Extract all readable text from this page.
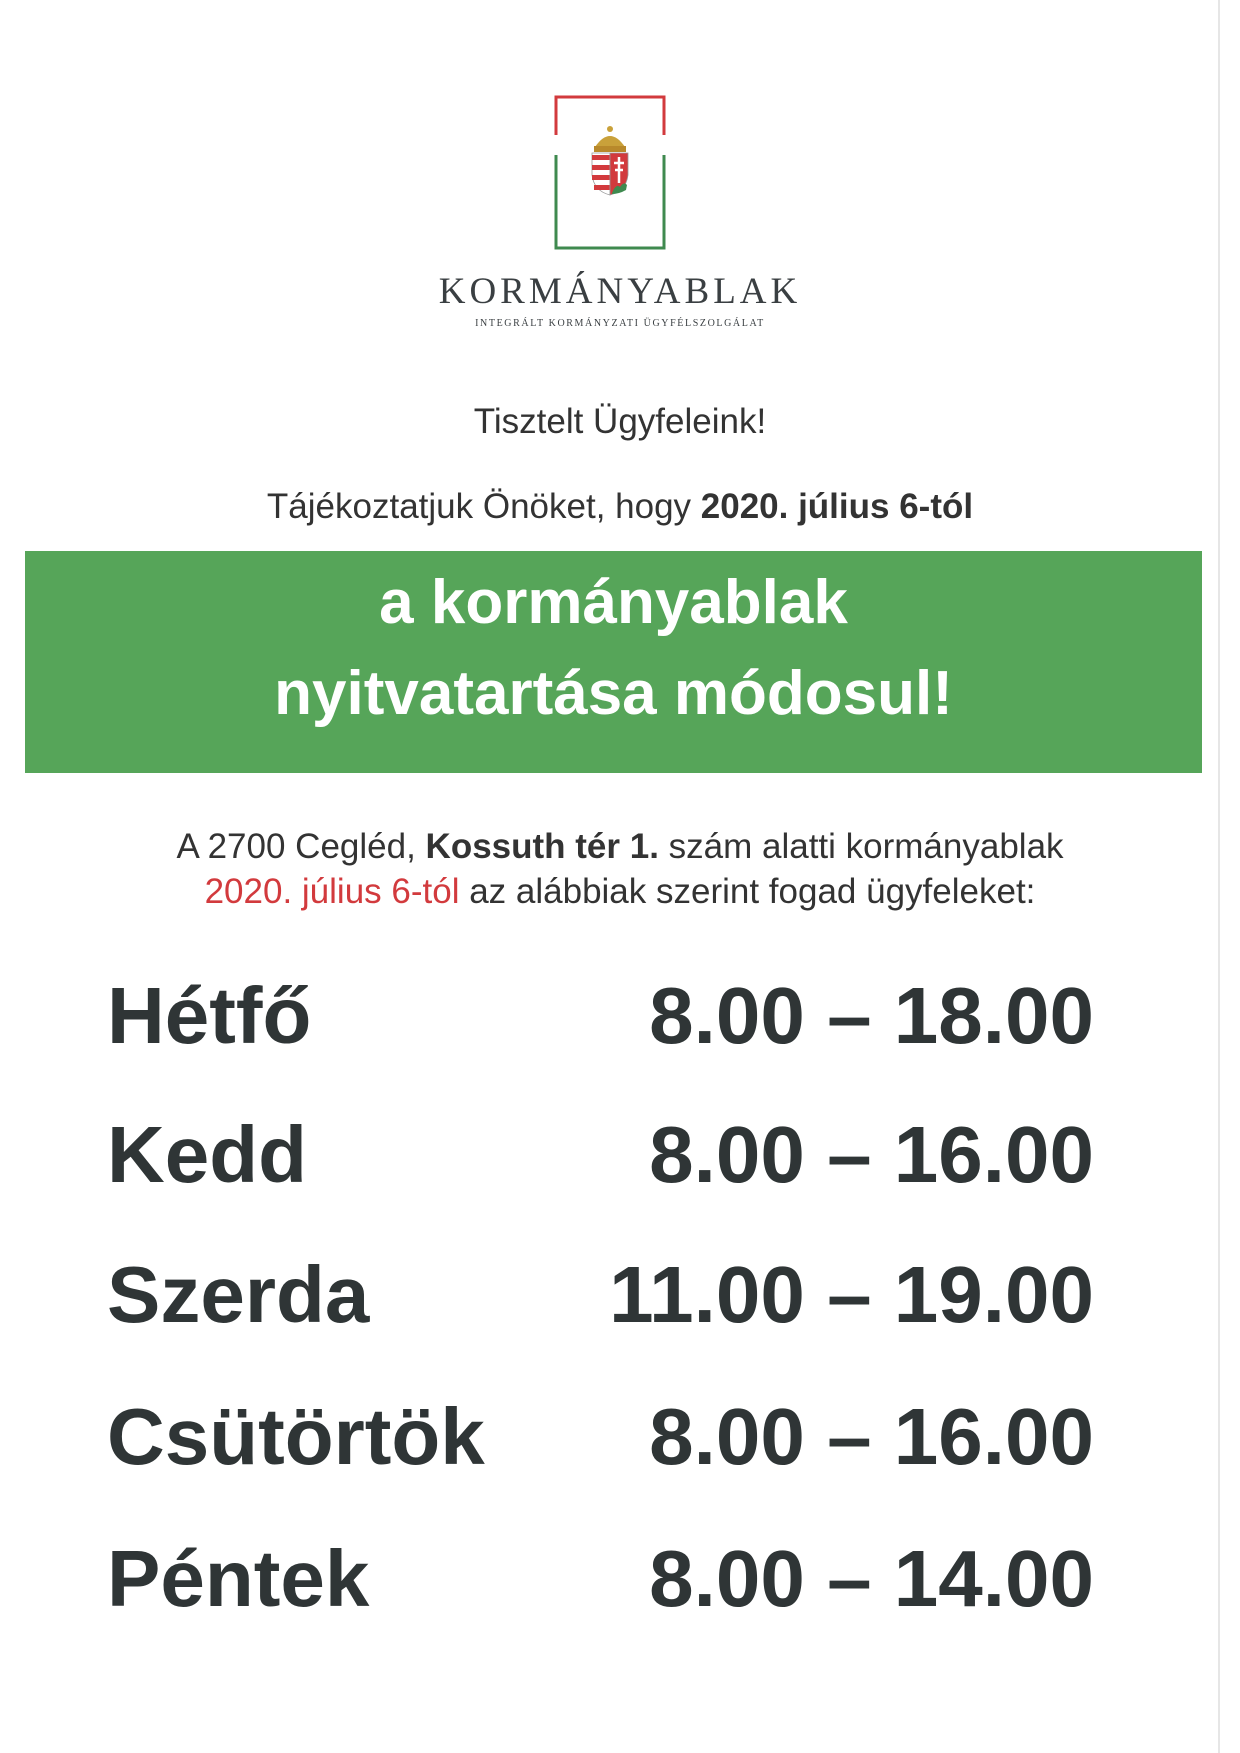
KORMÁNYABLAK
INTEGRÁLT KORMÁNYZATI ÜGYFÉLSZOLGÁLAT
Tisztelt Ügyfeleink!
Tájékoztatjuk Önöket, hogy 2020. július 6-tól
a kormányablak
nyitvatartása módosul!
A 2700 Cegléd, Kossuth tér 1. szám alatti kormányablak
2020. július 6-tól az alábbiak szerint fogad ügyfeleket:
Hétfő	8.00 – 18.00
Kedd	8.00 – 16.00
Szerda	11.00 – 19.00
Csütörtök 8.00 – 16.00
Péntek	8.00 – 14.00
